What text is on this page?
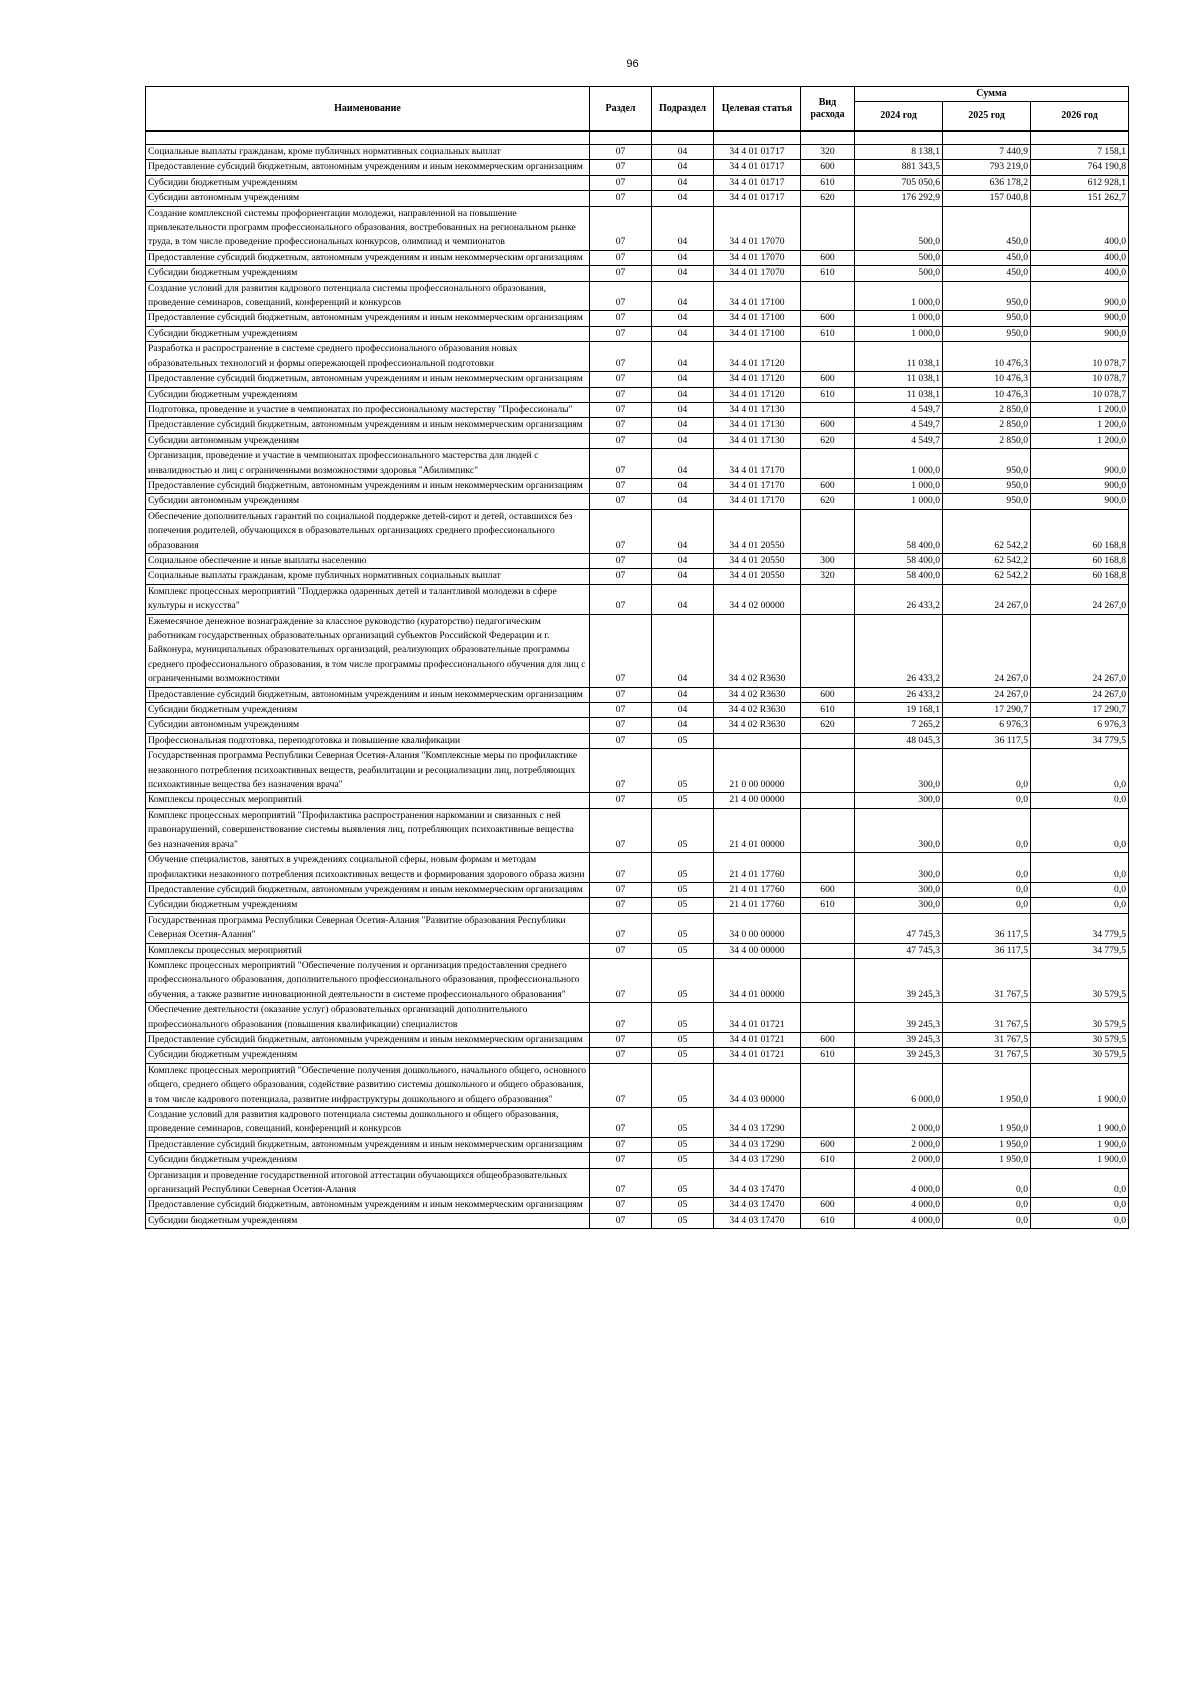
96
Наименование	Раздел	Подраздел	Целевая статья	Вид расхода	Сумма		
					2024 год	2025 год	2026 год

Социальные выплаты гражданам, кроме публичных нормативных социальных выплат	07	04	34 4 01 01717	320	8 138,1	7 440,9	7 158,1
Предоставление субсидий бюджетным, автономным учреждениям и иным некоммерческим организациям	07	04	34 4 01 01717	600	881 343,5	793 219,0	764 190,8
Субсидии бюджетным учреждениям	07	04	34 4 01 01717	610	705 050,6	636 178,2	612 928,1
Субсидии автономным учреждениям	07	04	34 4 01 01717	620	176 292,9	157 040,8	151 262,7
Создание комплексной системы профориентации молодежи, направленной на повышение привлекательности программ профессионального образования, востребованных на региональном рынке труда, в том числе проведение профессиональных конкурсов, олимпиад и чемпионатов	07	04	34 4 01 17070		500,0	450,0	400,0
Предоставление субсидий бюджетным, автономным учреждениям и иным некоммерческим организациям	07	04	34 4 01 17070	600	500,0	450,0	400,0
Субсидии бюджетным учреждениям	07	04	34 4 01 17070	610	500,0	450,0	400,0
Создание условий для развития кадрового потенциала системы профессионального образования, проведение семинаров, совещаний, конференций и конкурсов	07	04	34 4 01 17100		1 000,0	950,0	900,0
Предоставление субсидий бюджетным, автономным учреждениям и иным некоммерческим организациям	07	04	34 4 01 17100	600	1 000,0	950,0	900,0
Субсидии бюджетным учреждениям	07	04	34 4 01 17100	610	1 000,0	950,0	900,0
Разработка и распространение в системе среднего профессионального образования новых образовательных технологий и формы опережающей профессиональной подготовки	07	04	34 4 01 17120		11 038,1	10 476,3	10 078,7
Предоставление субсидий бюджетным, автономным учреждениям и иным некоммерческим организациям	07	04	34 4 01 17120	600	11 038,1	10 476,3	10 078,7
Субсидии бюджетным учреждениям	07	04	34 4 01 17120	610	11 038,1	10 476,3	10 078,7
Подготовка, проведение и участие в чемпионатах по профессиональному мастерству "Профессионалы"	07	04	34 4 01 17130		4 549,7	2 850,0	1 200,0
Предоставление субсидий бюджетным, автономным учреждениям и иным некоммерческим организациям	07	04	34 4 01 17130	600	4 549,7	2 850,0	1 200,0
Субсидии автономным учреждениям	07	04	34 4 01 17130	620	4 549,7	2 850,0	1 200,0
Организация, проведение и участие в чемпионатах профессионального мастерства для людей с инвалидностью и лиц с ограниченными возможностями здоровья "Абилимпикс"	07	04	34 4 01 17170		1 000,0	950,0	900,0
Предоставление субсидий бюджетным, автономным учреждениям и иным некоммерческим организациям	07	04	34 4 01 17170	600	1 000,0	950,0	900,0
Субсидии автономным учреждениям	07	04	34 4 01 17170	620	1 000,0	950,0	900,0
Обеспечение дополнительных гарантий по социальной поддержке детей-сирот и детей, оставшихся без попечения родителей, обучающихся в образовательных организациях среднего профессионального образования	07	04	34 4 01 20550		58 400,0	62 542,2	60 168,8
Социальное обеспечение и иные выплаты населению	07	04	34 4 01 20550	300	58 400,0	62 542,2	60 168,8
Социальные выплаты гражданам, кроме публичных нормативных социальных выплат	07	04	34 4 01 20550	320	58 400,0	62 542,2	60 168,8
Комплекс процессных мероприятий "Поддержка одаренных детей и талантливой молодежи в сфере культуры и искусства"	07	04	34 4 02 00000		26 433,2	24 267,0	24 267,0
Ежемесячное денежное вознаграждение за классное руководство (кураторство) педагогическим работникам государственных образовательных организаций субъектов Российской Федерации и г. Байконура, муниципальных образовательных организаций, реализующих образовательные программы среднего профессионального образования, в том числе программы профессионального обучения для лиц с ограниченными возможностями	07	04	34 4 02 R3630		26 433,2	24 267,0	24 267,0
Предоставление субсидий бюджетным, автономным учреждениям и иным некоммерческим организациям	07	04	34 4 02 R3630	600	26 433,2	24 267,0	24 267,0
Субсидии бюджетным учреждениям	07	04	34 4 02 R3630	610	19 168,1	17 290,7	17 290,7
Субсидии автономным учреждениям	07	04	34 4 02 R3630	620	7 265,2	6 976,3	6 976,3
Профессиональная подготовка, переподготовка и повышение квалификации	07	05			48 045,3	36 117,5	34 779,5
Государственная программа Республики Северная Осетия-Алания "Комплексные меры по профилактике незаконного потребления психоактивных веществ, реабилитации и ресоциализации лиц, потребляющих психоактивные вещества без назначения врача"	07	05	21 0 00 00000		300,0	0,0	0,0
Комплексы процессных мероприятий	07	05	21 4 00 00000		300,0	0,0	0,0
Комплекс процессных мероприятий "Профилактика распространения наркомании и связанных с ней правонарушений, совершенствование системы выявления лиц, потребляющих психоактивные вещества без назначения врача"	07	05	21 4 01 00000		300,0	0,0	0,0
Обучение специалистов, занятых в учреждениях социальной сферы, новым формам и методам профилактики незаконного потребления психоактивных веществ и формирования здорового образа жизни	07	05	21 4 01 17760		300,0	0,0	0,0
Предоставление субсидий бюджетным, автономным учреждениям и иным некоммерческим организациям	07	05	21 4 01 17760	600	300,0	0,0	0,0
Субсидии бюджетным учреждениям	07	05	21 4 01 17760	610	300,0	0,0	0,0
Государственная программа Республики Северная Осетия-Алания "Развитие образования Республики Северная Осетия-Алания"	07	05	34 0 00 00000		47 745,3	36 117,5	34 779,5
Комплексы процессных мероприятий	07	05	34 4 00 00000		47 745,3	36 117,5	34 779,5
Комплекс процессных мероприятий "Обеспечение получения и организация предоставления среднего профессионального образования, дополнительного профессионального образования, профессионального обучения, а также развитие инновационной деятельности в системе профессионального образования"	07	05	34 4 01 00000		39 245,3	31 767,5	30 579,5
Обеспечение деятельности (оказание услуг) образовательных организаций дополнительного профессионального образования (повышения квалификации) специалистов	07	05	34 4 01 01721		39 245,3	31 767,5	30 579,5
Предоставление субсидий бюджетным, автономным учреждениям и иным некоммерческим организациям	07	05	34 4 01 01721	600	39 245,3	31 767,5	30 579,5
Субсидии бюджетным учреждениям	07	05	34 4 01 01721	610	39 245,3	31 767,5	30 579,5
Комплекс процессных мероприятий "Обеспечение получения дошкольного, начального общего, основного общего, среднего общего образования, содействие развитию системы дошкольного и общего образования, в том числе кадрового потенциала, развитие инфраструктуры дошкольного и общего образования"	07	05	34 4 03 00000		6 000,0	1 950,0	1 900,0
Создание условий для развития кадрового потенциала системы дошкольного и общего образования, проведение семинаров, совещаний, конференций и конкурсов	07	05	34 4 03 17290		2 000,0	1 950,0	1 900,0
Предоставление субсидий бюджетным, автономным учреждениям и иным некоммерческим организациям	07	05	34 4 03 17290	600	2 000,0	1 950,0	1 900,0
Субсидии бюджетным учреждениям	07	05	34 4 03 17290	610	2 000,0	1 950,0	1 900,0
Организация и проведение государственной итоговой аттестации обучающихся общеобразовательных организаций Республики Северная Осетия-Алания	07	05	34 4 03 17470		4 000,0	0,0	0,0
Предоставление субсидий бюджетным, автономным учреждениям и иным некоммерческим организациям	07	05	34 4 03 17470	600	4 000,0	0,0	0,0
Субсидии бюджетным учреждениям	07	05	34 4 03 17470	610	4 000,0	0,0	0,0
